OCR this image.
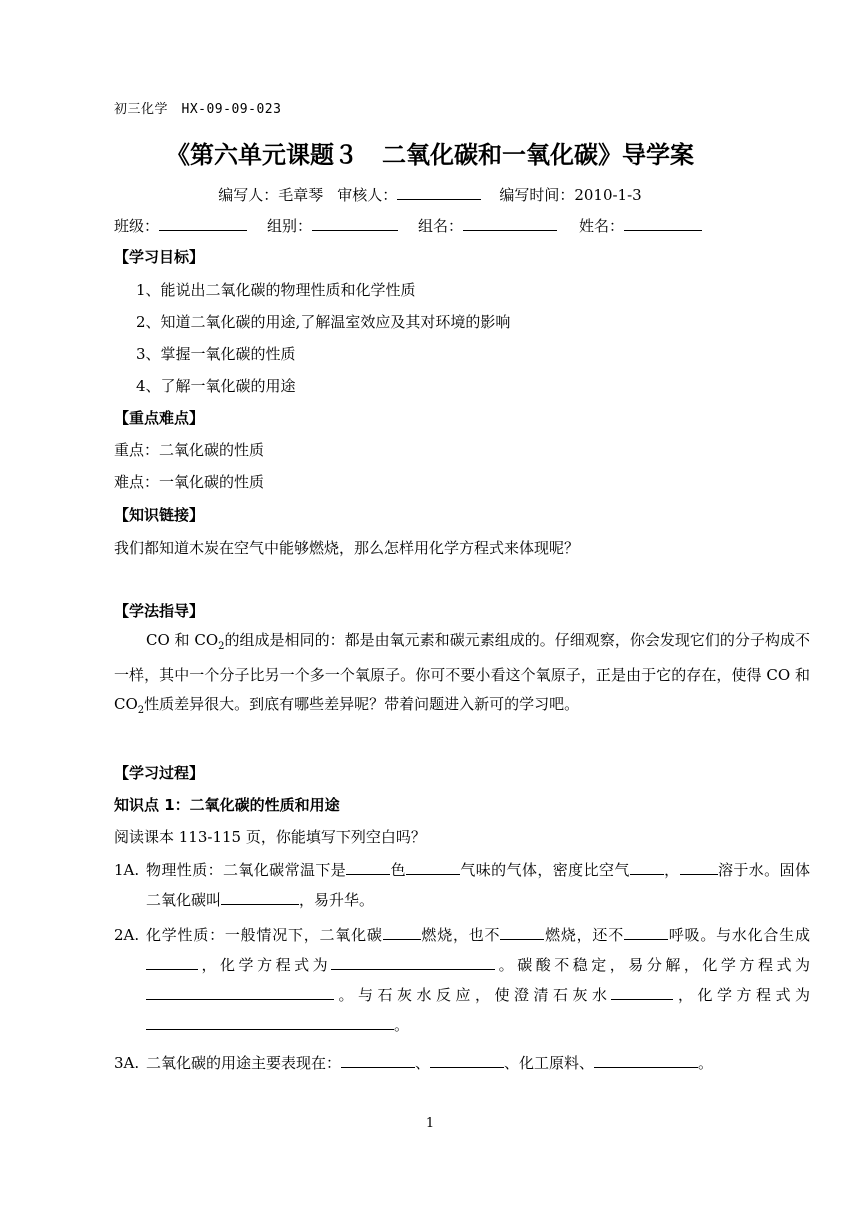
初三化学　HX-09-09-023
《第六单元课题３ 二氧化碳和一氧化碳》导学案
编写人：毛章琴 审核人：	编写时间：2010-1-3
班级：	组别：	组名：	姓名：
【学习目标】
1、能说出二氧化碳的物理性质和化学性质
2、知道二氧化碳的用途,了解温室效应及其对环境的影响
3、掌握一氧化碳的性质
4、了解一氧化碳的用途
【重点难点】
重点：二氧化碳的性质
难点：一氧化碳的性质
【知识链接】
我们都知道木炭在空气中能够燃烧，那么怎样用化学方程式来体现呢？
【学法指导】
CO 和 $CO_2$的组成是相同的：都是由氧元素和碳元素组成的。仔细观察，你会发现它们的分子构成不一样，其中一个分子比另一个多一个氧原子。你可不要小看这个氧原子，正是由于它的存在，使得 CO 和 $CO_2$性质差异很大。到底有哪些差异呢？带着问题进入新可的学习吧。
【学习过程】
知识点 1：二氧化碳的性质和用途
阅读课本 113-115 页，你能填写下列空白吗？
1A. 物理性质：二氧化碳常温下是	色	气味的气体，密度比空气 ，	溶于水。固体二氧化碳叫	，易升华。
2A. 化学性质：一般情况下，二氧化碳	燃烧，也不	燃烧，还不	呼吸。与水化合生成，化学方程式为	。碳酸不稳定，易分解，化学方程式为。与石灰水反应，使澄清石灰水	，化学方程式为。
3A. 二氧化碳的用途主要表现在：	、	、化工原料、	。
1
